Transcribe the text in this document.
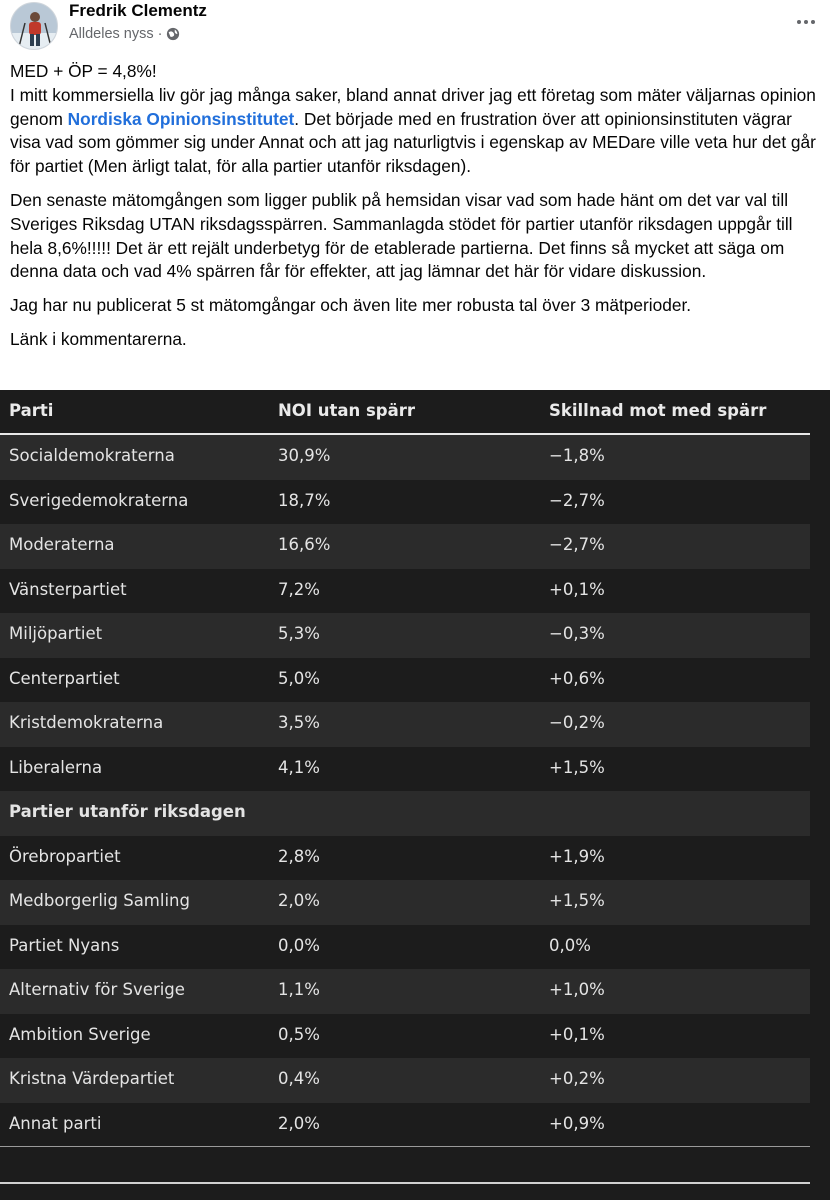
Fredrik Clementz
Alldeles nyss ·

MED + ÖP = 4,8%!
I mitt kommersiella liv gör jag många saker, bland annat driver jag ett företag som mäter väljarnas opinion genom Nordiska Opinionsinstitutet. Det började med en frustration över att opinionsinstituten vägrar visa vad som gömmer sig under Annat och att jag naturligtvis i egenskap av MEDare ville veta hur det går för partiet (Men ärligt talat, för alla partier utanför riksdagen).

Den senaste mätomgången som ligger publik på hemsidan visar vad som hade hänt om det var val till Sveriges Riksdag UTAN riksdagsspärren. Sammanlagda stödet för partier utanför riksdagen uppgår till hela 8,6%!!!!! Det är ett rejält underbetyg för de etablerade partierna. Det finns så mycket att säga om denna data och vad 4% spärren får för effekter, att jag lämnar det här för vidare diskussion.

Jag har nu publicerat 5 st mätomgångar och även lite mer robusta tal över 3 mätperioder.

Länk i kommentarerna.

Parti	NOI utan spärr	Skillnad mot med spärr
Socialdemokraterna	30,9%	−1,8%
Sverigedemokraterna	18,7%	−2,7%
Moderaterna	16,6%	−2,7%
Vänsterpartiet	7,2%	+0,1%
Miljöpartiet	5,3%	−0,3%
Centerpartiet	5,0%	+0,6%
Kristdemokraterna	3,5%	−0,2%
Liberalerna	4,1%	+1,5%
Partier utanför riksdagen
Örebropartiet	2,8%	+1,9%
Medborgerlig Samling	2,0%	+1,5%
Partiet Nyans	0,0%	0,0%
Alternativ för Sverige	1,1%	+1,0%
Ambition Sverige	0,5%	+0,1%
Kristna Värdepartiet	0,4%	+0,2%
Annat parti	2,0%	+0,9%
